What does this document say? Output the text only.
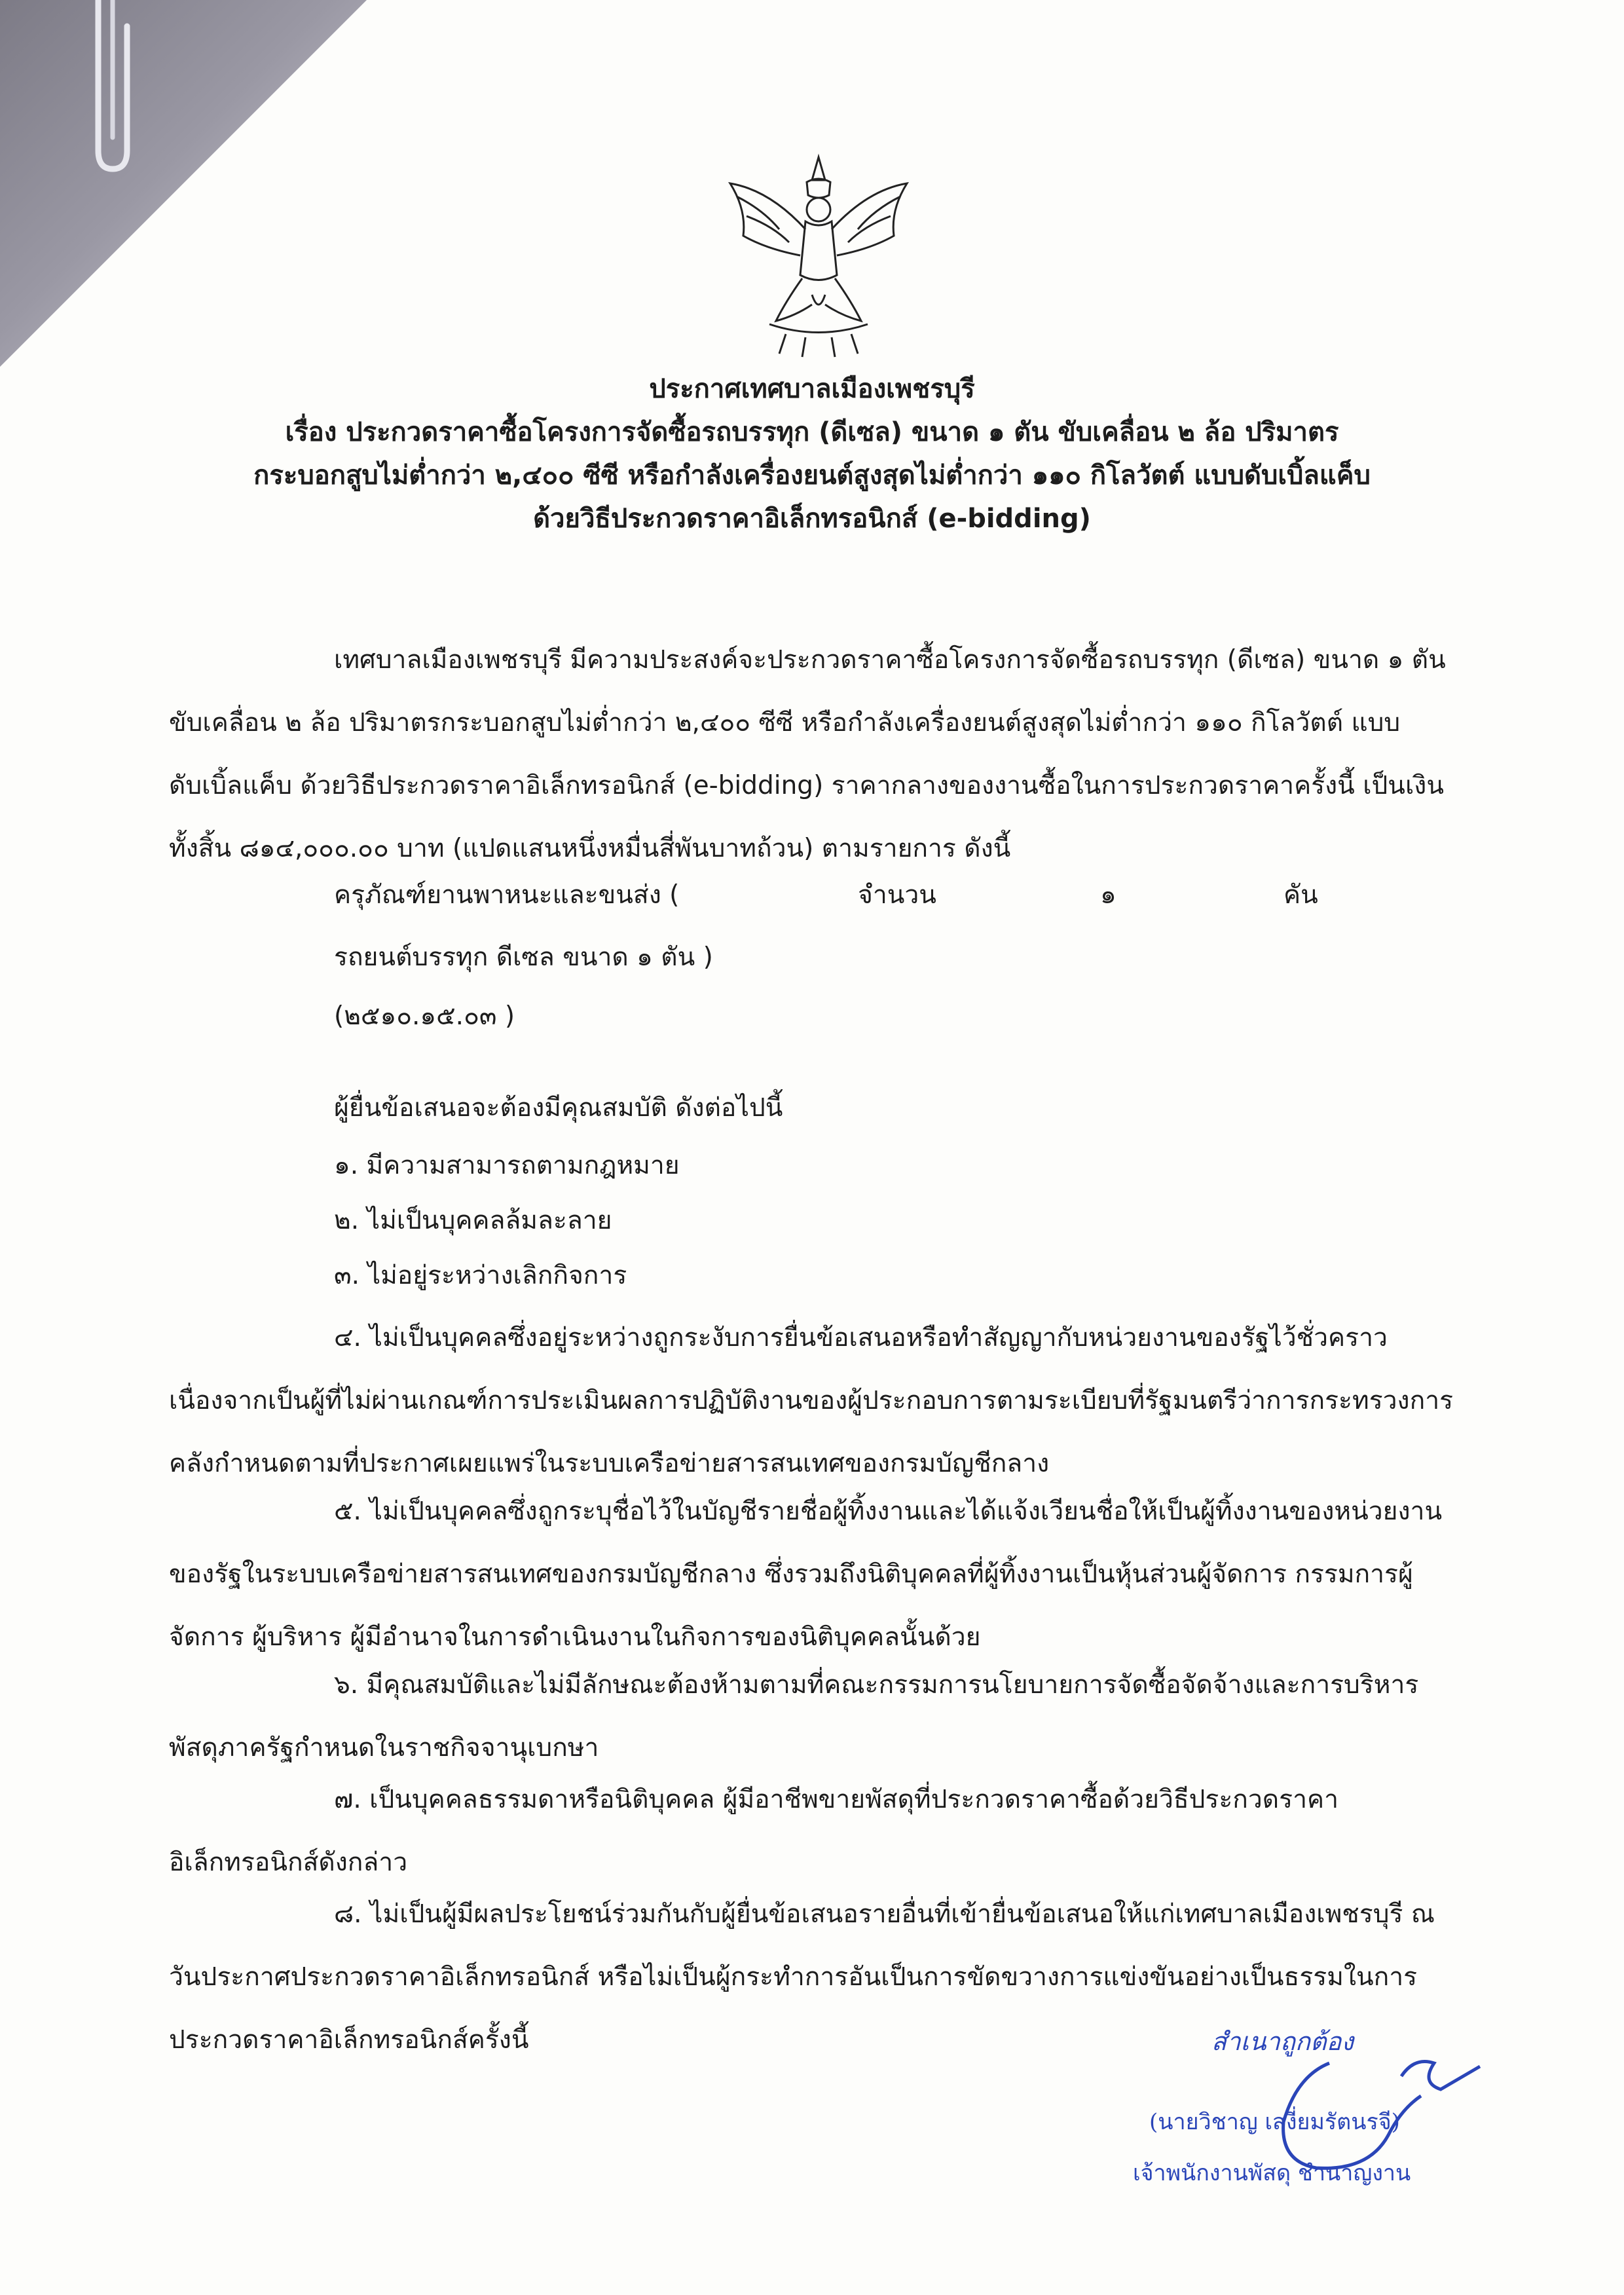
ประกาศเทศบาลเมืองเพชรบุรี
เรื่อง ประกวดราคาซื้อโครงการจัดซื้อรถบรรทุก (ดีเซล) ขนาด ๑ ตัน ขับเคลื่อน ๒ ล้อ ปริมาตร
กระบอกสูบไม่ต่ำกว่า ๒,๔๐๐ ซีซี หรือกำลังเครื่องยนต์สูงสุดไม่ต่ำกว่า ๑๑๐ กิโลวัตต์ แบบดับเบิ้ลแค็บ
ด้วยวิธีประกวดราคาอิเล็กทรอนิกส์ (e-bidding)
เทศบาลเมืองเพชรบุรี มีความประสงค์จะประกวดราคาซื้อโครงการจัดซื้อรถบรรทุก (ดีเซล) ขนาด ๑ ตัน ขับเคลื่อน ๒ ล้อ ปริมาตรกระบอกสูบไม่ต่ำกว่า ๒,๔๐๐ ซีซี หรือกำลังเครื่องยนต์สูงสุดไม่ต่ำกว่า ๑๑๐ กิโลวัตต์ แบบดับเบิ้ลแค็บ ด้วยวิธีประกวดราคาอิเล็กทรอนิกส์ (e-bidding) ราคากลางของงานซื้อในการประกวดราคาครั้งนี้ เป็นเงินทั้งสิ้น ๘๑๔,๐๐๐.๐๐ บาท (แปดแสนหนึ่งหมื่นสี่พันบาทถ้วน) ตามรายการ ดังนี้
ครุภัณฑ์ยานพาหนะและขนส่ง (	จำนวน	๑	คัน
รถยนต์บรรทุก ดีเซล ขนาด ๑ ตัน )
(๒๕๑๐.๑๕.๐๓ )
ผู้ยื่นข้อเสนอจะต้องมีคุณสมบัติ ดังต่อไปนี้
๑. มีความสามารถตามกฎหมาย
๒. ไม่เป็นบุคคลล้มละลาย
๓. ไม่อยู่ระหว่างเลิกกิจการ
๔. ไม่เป็นบุคคลซึ่งอยู่ระหว่างถูกระงับการยื่นข้อเสนอหรือทำสัญญากับหน่วยงานของรัฐไว้ชั่วคราว เนื่องจากเป็นผู้ที่ไม่ผ่านเกณฑ์การประเมินผลการปฏิบัติงานของผู้ประกอบการตามระเบียบที่รัฐมนตรีว่าการกระทรวงการคลังกำหนดตามที่ประกาศเผยแพร่ในระบบเครือข่ายสารสนเทศของกรมบัญชีกลาง
๕. ไม่เป็นบุคคลซึ่งถูกระบุชื่อไว้ในบัญชีรายชื่อผู้ทิ้งงานและได้แจ้งเวียนชื่อให้เป็นผู้ทิ้งงานของหน่วยงานของรัฐในระบบเครือข่ายสารสนเทศของกรมบัญชีกลาง ซึ่งรวมถึงนิติบุคคลที่ผู้ทิ้งงานเป็นหุ้นส่วนผู้จัดการ กรรมการผู้จัดการ ผู้บริหาร ผู้มีอำนาจในการดำเนินงานในกิจการของนิติบุคคลนั้นด้วย
๖. มีคุณสมบัติและไม่มีลักษณะต้องห้ามตามที่คณะกรรมการนโยบายการจัดซื้อจัดจ้างและการบริหารพัสดุภาครัฐกำหนดในราชกิจจานุเบกษา
๗. เป็นบุคคลธรรมดาหรือนิติบุคคล ผู้มีอาชีพขายพัสดุที่ประกวดราคาซื้อด้วยวิธีประกวดราคาอิเล็กทรอนิกส์ดังกล่าว
๘. ไม่เป็นผู้มีผลประโยชน์ร่วมกันกับผู้ยื่นข้อเสนอรายอื่นที่เข้ายื่นข้อเสนอให้แก่เทศบาลเมืองเพชรบุรี ณ วันประกาศประกวดราคาอิเล็กทรอนิกส์ หรือไม่เป็นผู้กระทำการอันเป็นการขัดขวางการแข่งขันอย่างเป็นธรรมในการประกวดราคาอิเล็กทรอนิกส์ครั้งนี้	สำเนาถูกต้อง
(นายวิชาญ เสงี่ยมรัตนรจี)
เจ้าพนักงานพัสดุ ชำนาญงาน
